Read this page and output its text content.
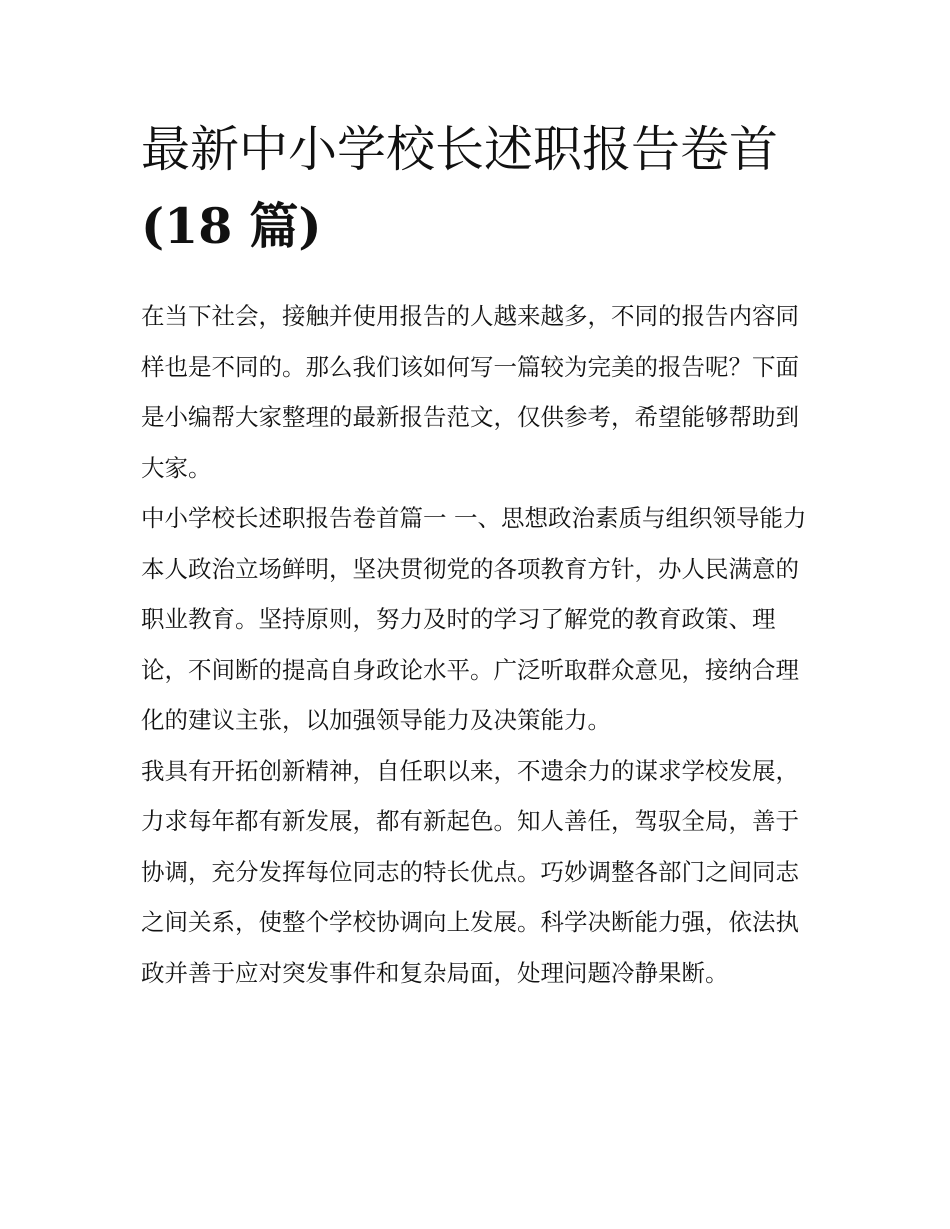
最新中小学校长述职报告卷首
(18 篇)

在当下社会，接触并使用报告的人越来越多，不同的报告内容同样也是不同的。那么我们该如何写一篇较为完美的报告呢？下面是小编帮大家整理的最新报告范文，仅供参考，希望能够帮助到大家。

中小学校长述职报告卷首篇一 一、思想政治素质与组织领导能力

本人政治立场鲜明，坚决贯彻党的各项教育方针，办人民满意的职业教育。坚持原则，努力及时的学习了解党的教育政策、理论，不间断的提高自身政论水平。广泛听取群众意见，接纳合理化的建议主张，以加强领导能力及决策能力。

我具有开拓创新精神，自任职以来，不遗余力的谋求学校发展，力求每年都有新发展，都有新起色。知人善任，驾驭全局，善于协调，充分发挥每位同志的特长优点。巧妙调整各部门之间同志之间关系，使整个学校协调向上发展。科学决断能力强，依法执政并善于应对突发事件和复杂局面，处理问题冷静果断。
